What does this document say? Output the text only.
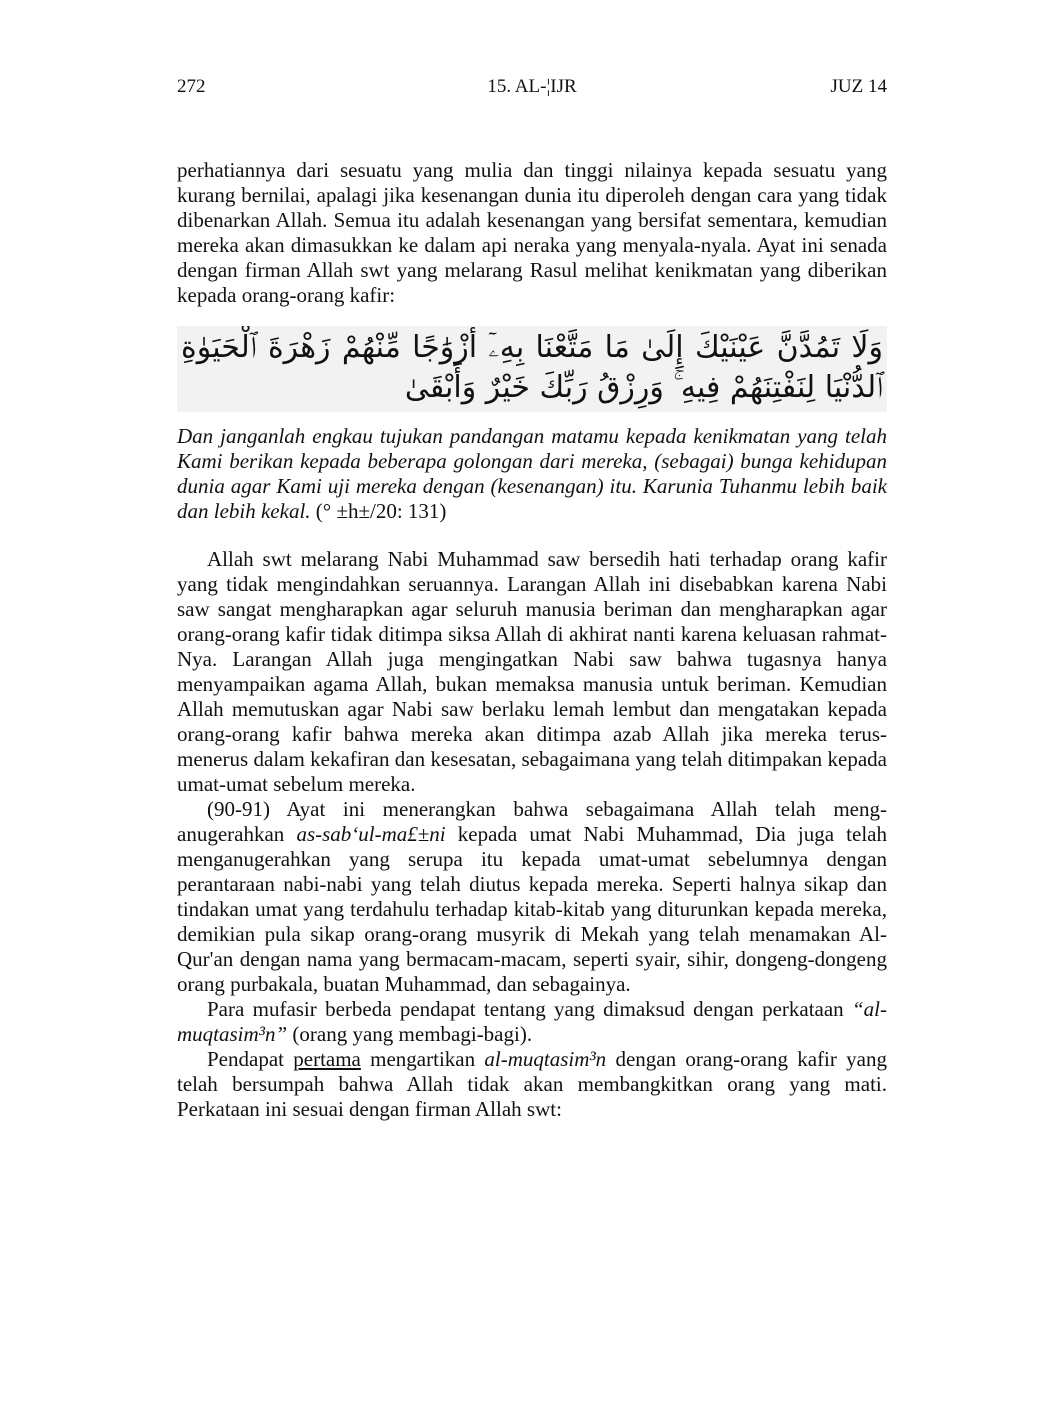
15. AL-¦IJR
272	JUZ 14

perhatiannya dari sesuatu yang mulia dan tinggi nilainya kepada sesuatu yang kurang bernilai, apalagi jika kesenangan dunia itu diperoleh dengan cara yang tidak dibenarkan Allah. Semua itu adalah kesenangan yang bersifat sementara, kemudian mereka akan dimasukkan ke dalam api neraka yang menyala-nyala. Ayat ini senada dengan firman Allah swt yang melarang Rasul melihat kenikmatan yang diberikan kepada orang-orang kafir:

وَلَا تَمُدَّنَّ عَيْنَيْكَ إِلَىٰ مَا مَتَّعْنَا بِهِۦٓ أَزْوَٰجًا مِّنْهُمْ زَهْرَةَ ٱلْحَيَوٰةِ ٱلدُّنْيَا لِنَفْتِنَهُمْ فِيهِ ۚ وَرِزْقُ رَبِّكَ خَيْرٌ وَأَبْقَىٰ

Dan janganlah engkau tujukan pandangan matamu kepada kenikmatan yang telah Kami berikan kepada beberapa golongan dari mereka, (sebagai) bunga kehidupan dunia agar Kami uji mereka dengan (kesenangan) itu. Karunia Tuhanmu lebih baik dan lebih kekal. (° ±h±/20: 131)

Allah swt melarang Nabi Muhammad saw bersedih hati terhadap orang kafir yang tidak mengindahkan seruannya. Larangan Allah ini disebabkan karena Nabi saw sangat mengharapkan agar seluruh manusia beriman dan mengharapkan agar orang-orang kafir tidak ditimpa siksa Allah di akhirat nanti karena keluasan rahmat-Nya. Larangan Allah juga mengingatkan Nabi saw bahwa tugasnya hanya menyampaikan agama Allah, bukan memaksa manusia untuk beriman. Kemudian Allah memutuskan agar Nabi saw berlaku lemah lembut dan mengatakan kepada orang-orang kafir bahwa mereka akan ditimpa azab Allah jika mereka terus-menerus dalam kekafiran dan kesesatan, sebagaimana yang telah ditimpakan kepada umat-umat sebelum mereka.

(90-91) Ayat ini menerangkan bahwa sebagaimana Allah telah meng-anugerahkan as-sab‘ul-ma£±ni kepada umat Nabi Muhammad, Dia juga telah menganugerahkan yang serupa itu kepada umat-umat sebelumnya dengan perantaraan nabi-nabi yang telah diutus kepada mereka. Seperti halnya sikap dan tindakan umat yang terdahulu terhadap kitab-kitab yang diturunkan kepada mereka, demikian pula sikap orang-orang musyrik di Mekah yang telah menamakan Al-Qur'an dengan nama yang bermacam-macam, seperti syair, sihir, dongeng-dongeng orang purbakala, buatan Muhammad, dan sebagainya.

Para mufasir berbeda pendapat tentang yang dimaksud dengan perkataan “al-muqtasim³n” (orang yang membagi-bagi).

Pendapat pertama mengartikan al-muqtasim³n dengan orang-orang kafir yang telah bersumpah bahwa Allah tidak akan membangkitkan orang yang mati. Perkataan ini sesuai dengan firman Allah swt:
